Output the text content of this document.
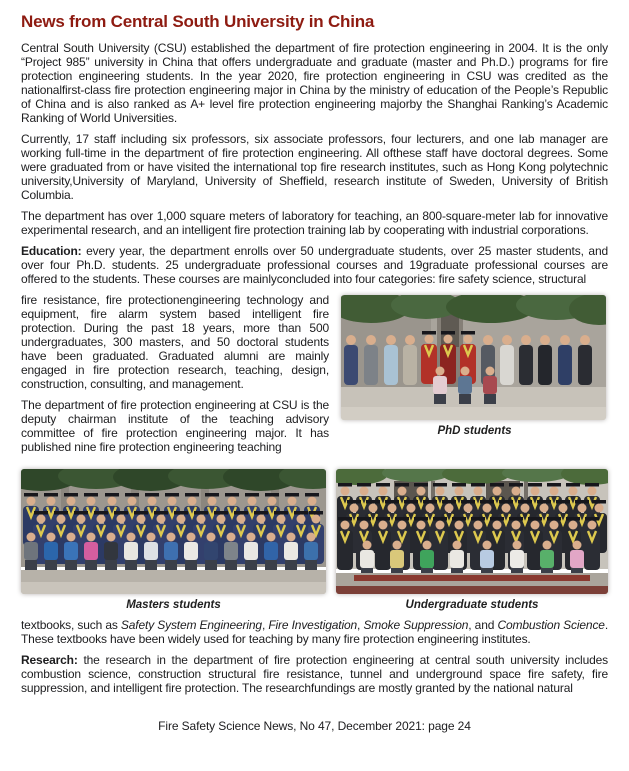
News from Central South University in China

Central South University (CSU) established the department of fire protection engineering in 2004. It is the only “Project 985” university in China that offers undergraduate and graduate (master and Ph.D.) programs for fire protection engineering students. In the year 2020, fire protection engineering in CSU was credited as the nationalfirst-class fire protection engineering major in China by the ministry of education of the People’s Republic of China and is also ranked as A+ level fire protection engineering majorby the Shanghai Ranking’s Academic Ranking of World Universities.

Currently, 17 staff including six professors, six associate professors, four lecturers, and one lab manager are working full-time in the department of fire protection engineering. All ofthese staff have doctoral degrees. Some were graduated from or have visited the international top fire research institutes, such as Hong Kong polytechnic university,University of Maryland, University of Sheffield, research institute of Sweden, University of British Columbia.

The department has over 1,000 square meters of laboratory for teaching, an 800-square-meter lab for innovative experimental research, and an intelligent fire protection training lab by cooperating with industrial corporations.

Education: every year, the department enrolls over 50 undergraduate students, over 25 master students, and over four Ph.D. students. 25 undergraduate professional courses and 19graduate professional courses are offered to the students. These courses are mainlyconcluded into four categories: fire safety science, structural

fire resistance, fire protectionengineering technology and equipment, fire alarm system based intelligent fire protection. During the past 18 years, more than 500 undergraduates, 300 masters, and 50 doctoral students have been graduated. Graduated alumni are mainly engaged in fire protection research, teaching, design, construction, consulting, and management.

The department of fire protection engineering at CSU is the deputy chairman institute of the teaching advisory committee of fire protection engineering major. It has published nine fire protection engineering teaching

PhD students
Masters students	Undergraduate students

textbooks, such as Safety System Engineering, Fire Investigation, Smoke Suppression, and Combustion Science. These textbooks have been widely used for teaching by many fire protection engineering institutes.

Research: the research in the department of fire protection engineering at central south university includes combustion science, construction structural fire resistance, tunnel and underground space fire safety, fire suppression, and intelligent fire protection. The researchfundings are mostly granted by the national natural

Fire Safety Science News, No 47, December 2021: page 24
